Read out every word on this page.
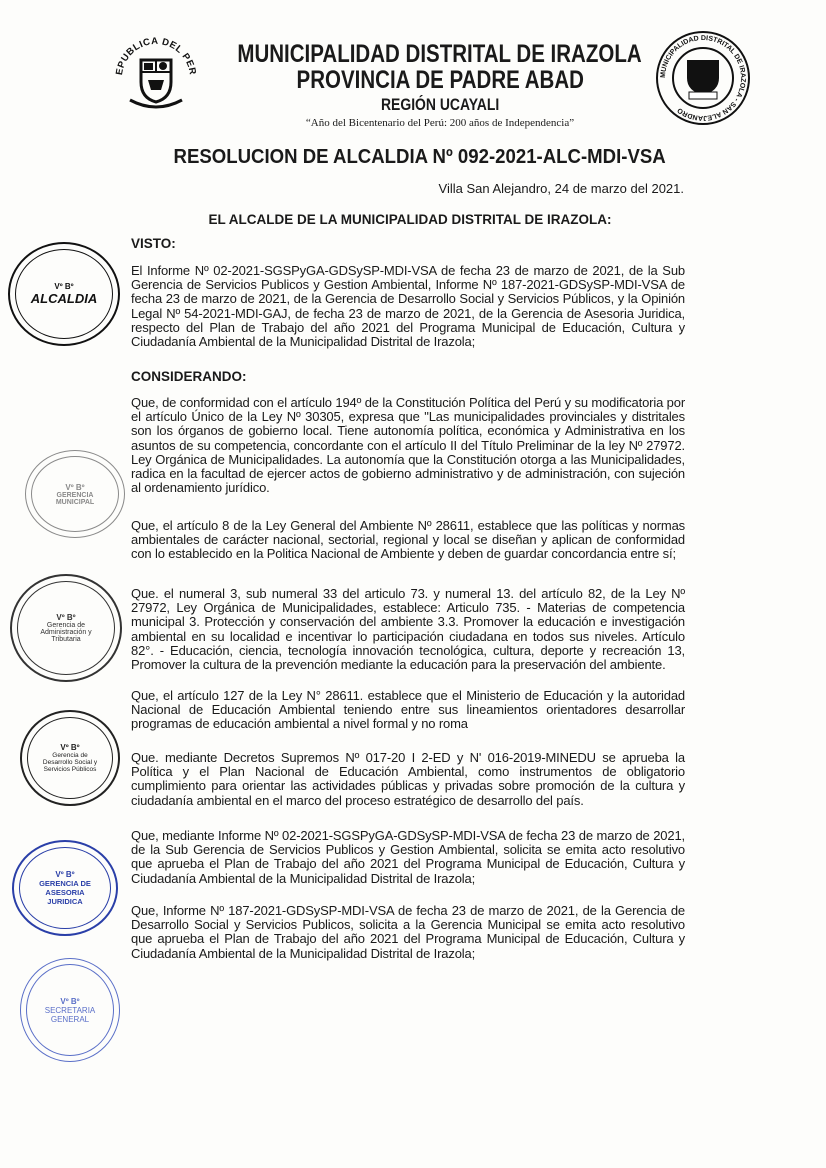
EPUBLICA DEL PER	MUNICIPALIDAD DISTRITAL DE IRAZOLA - SAN ALEJANDRO
MUNICIPALIDAD DISTRITAL DE IRAZOLA
PROVINCIA DE PADRE ABAD
REGIÓN UCAYALI
“Año del Bicentenario del Perú: 200 años de Independencia”
RESOLUCION DE ALCALDIA Nº 092-2021-ALC-MDI-VSA
Villa San Alejandro, 24 de marzo del 2021.
EL ALCALDE DE LA MUNICIPALIDAD DISTRITAL DE IRAZOLA:
VISTO:
El Informe Nº 02-2021-SGSPyGA-GDSySP-MDI-VSA de fecha 23 de marzo de 2021, de la Sub Gerencia de Servicios Publicos y Gestion Ambiental, Informe Nº 187-2021-GDSySP-MDI-VSA de fecha 23 de marzo de 2021, de la Gerencia de Desarrollo Social y Servicios Públicos, y la Opinión Legal Nº 54-2021-MDI-GAJ, de fecha 23 de marzo de 2021, de la Gerencia de Asesoria Juridica, respecto del Plan de Trabajo del año 2021 del Programa Municipal de Educación, Cultura y Ciudadanía Ambiental de la Municipalidad Distrital de Irazola;
CONSIDERANDO:
Que, de conformidad con el artículo 194º de la Constitución Política del Perú y su modificatoria por el artículo Único de la Ley Nº 30305, expresa que "Las municipalidades provinciales y distritales son los órganos de gobierno local. Tiene autonomía política, económica y Administrativa en los asuntos de su competencia, concordante con el artículo II del Título Preliminar de la ley Nº 27972. Ley Orgánica de Municipalidades. La autonomía que la Constitución otorga a las Municipalidades, radica en la facultad de ejercer actos de gobierno administrativo y de administración, con sujeción al ordenamiento jurídico.
Que, el artículo 8 de la Ley General del Ambiente Nº 28611, establece que las políticas y normas ambientales de carácter nacional, sectorial, regional y local se diseñan y aplican de conformidad con lo establecido en la Politica Nacional de Ambiente y deben de guardar concordancia entre sí;
Que. el numeral 3, sub numeral 33 del articulo 73. y numeral 13. del artículo 82, de la Ley Nº 27972, Ley Orgánica de Municipalidades, establece: Articulo 735. - Materias de competencia municipal 3. Protección y conservación del ambiente 3.3. Promover la educación e investigación ambiental en su localidad e incentivar lo participación ciudadana en todos sus niveles. Artículo 82°. - Educación, ciencia, tecnología innovación tecnológica, cultura, deporte y recreación 13, Promover la cultura de la prevención mediante la educación para la preservación del ambiente.
Que, el artículo 127 de la Ley N° 28611. establece que el Ministerio de Educación y la autoridad Nacional de Educación Ambiental teniendo entre sus lineamientos orientadores desarrollar programas de educación ambiental a nivel formal y no roma
Que. mediante Decretos Supremos Nº 017-20 I 2-ED y N' 016-2019-MINEDU se aprueba la Política y el Plan Nacional de Educación Ambiental, como instrumentos de obligatorio cumplimiento para orientar las actividades públicas y privadas sobre promoción de la cultura y ciudadanía ambiental en el marco del proceso estratégico de desarrollo del país.
Que, mediante Informe Nº 02-2021-SGSPyGA-GDSySP-MDI-VSA de fecha 23 de marzo de 2021, de la Sub Gerencia de Servicios Publicos y Gestion Ambiental, solicita se emita acto resolutivo que aprueba el Plan de Trabajo del año 2021 del Programa Municipal de Educación, Cultura y Ciudadanía Ambiental de la Municipalidad Distrital de Irazola;
Que, Informe Nº 187-2021-GDSySP-MDI-VSA de fecha 23 de marzo de 2021, de la Gerencia de Desarrollo Social y Servicios Publicos, solicita a la Gerencia Municipal se emita acto resolutivo que aprueba el Plan de Trabajo del año 2021 del Programa Municipal de Educación, Cultura y Ciudadanía Ambiental de la Municipalidad Distrital de Irazola;
Vº Bº
ALCALDIA
Vº Bº
GERENCIA MUNICIPAL
Vº Bº
Gerencia de Administración y Tributaria
Vº Bº
Gerencia de Desarrollo Social y Servicios Públicos
Vº Bº
GERENCIA DE ASESORIA JURIDICA
Vº Bº
SECRETARIA GENERAL
